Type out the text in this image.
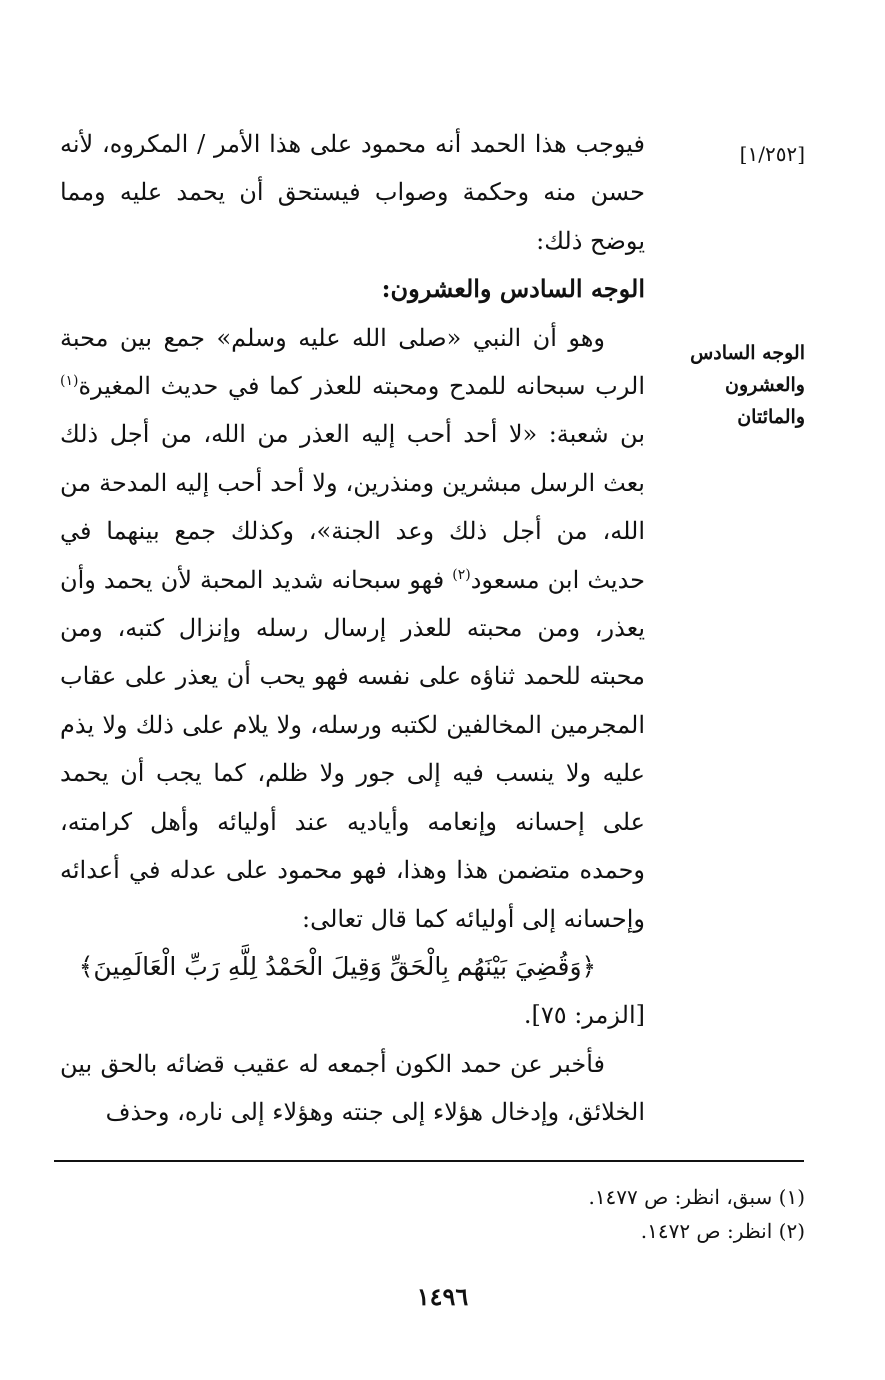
[١/٢٥٢]
الوجه السادس والعشرون والمائتان

فيوجب هذا الحمد أنه محمود على هذا الأمر / المكروه، لأنه حسن منه وحكمة وصواب فيستحق أن يحمد عليه ومما يوضح ذلك:

الوجه السادس والعشرون:

وهو أن النبي «صلى الله عليه وسلم» جمع بين محبة الرب سبحانه للمدح ومحبته للعذر كما في حديث المغيرة$^{(١)}$ بن شعبة: «لا أحد أحب إليه العذر من الله، من أجل ذلك بعث الرسل مبشرين ومنذرين، ولا أحد أحب إليه المدحة من الله، من أجل ذلك وعد الجنة»، وكذلك جمع بينهما في حديث ابن مسعود$^{(٢)}$ فهو سبحانه شديد المحبة لأن يحمد وأن يعذر، ومن محبته للعذر إرسال رسله وإنزال كتبه، ومن محبته للحمد ثناؤه على نفسه فهو يحب أن يعذر على عقاب المجرمين المخالفين لكتبه ورسله، ولا يلام على ذلك ولا يذم عليه ولا ينسب فيه إلى جور ولا ظلم، كما يجب أن يحمد على إحسانه وإنعامه وأياديه عند أوليائه وأهل كرامته، وحمده متضمن هذا وهذا، فهو محمود على عدله في أعدائه وإحسانه إلى أوليائه كما قال تعالى:

﴿وَقُضِيَ بَيْنَهُم بِالْحَقِّ وَقِيلَ الْحَمْدُ لِلَّهِ رَبِّ الْعَالَمِينَ﴾

[الزمر: ٧٥].

فأخبر عن حمد الكون أجمعه له عقيب قضائه بالحق بين الخلائق، وإدخال هؤلاء إلى جنته وهؤلاء إلى ناره، وحذف

(١) سبق، انظر: ص ١٤٧٧.

(٢) انظر: ص ١٤٧٢.

١٤٩٦
